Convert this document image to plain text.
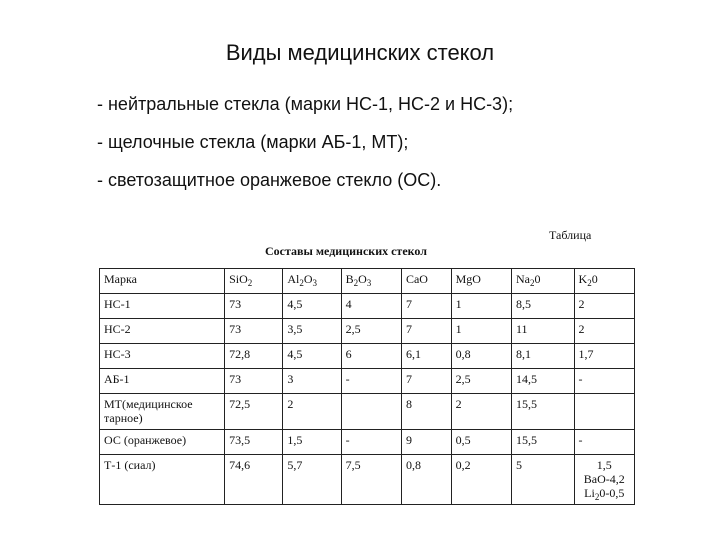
Виды медицинских стекол
- нейтральные стекла (марки НС-1, НС-2 и НС-3);
- щелочные стекла (марки АБ-1, МТ);
- светозащитное оранжевое стекло (ОС).
Таблица
Составы медицинских стекол
Марка	SiO$_2$	$Al_2O_3$	$B_2O_3$	CaO	MgO	$Na_20$	$K_20$
НС-1	73	4,5	4	7	1	8,5	2
НС-2	73	3,5	2,5	7	1	11	2
НС-3	72,8	4,5	6	6,1	0,8	8,1	1,7
АБ-1	73	3	-	7	2,5	14,5	-
МТ(медицинское тарное)	72,5	2		8	2	15,5	
ОС (оранжевое)	73,5	1,5	-	9	0,5	15,5	-
Т-1 (сиал)	74,6	5,7	7,5	0,8	0,2	5	1,5
BaO-4,2
$Li_20-0,5$
